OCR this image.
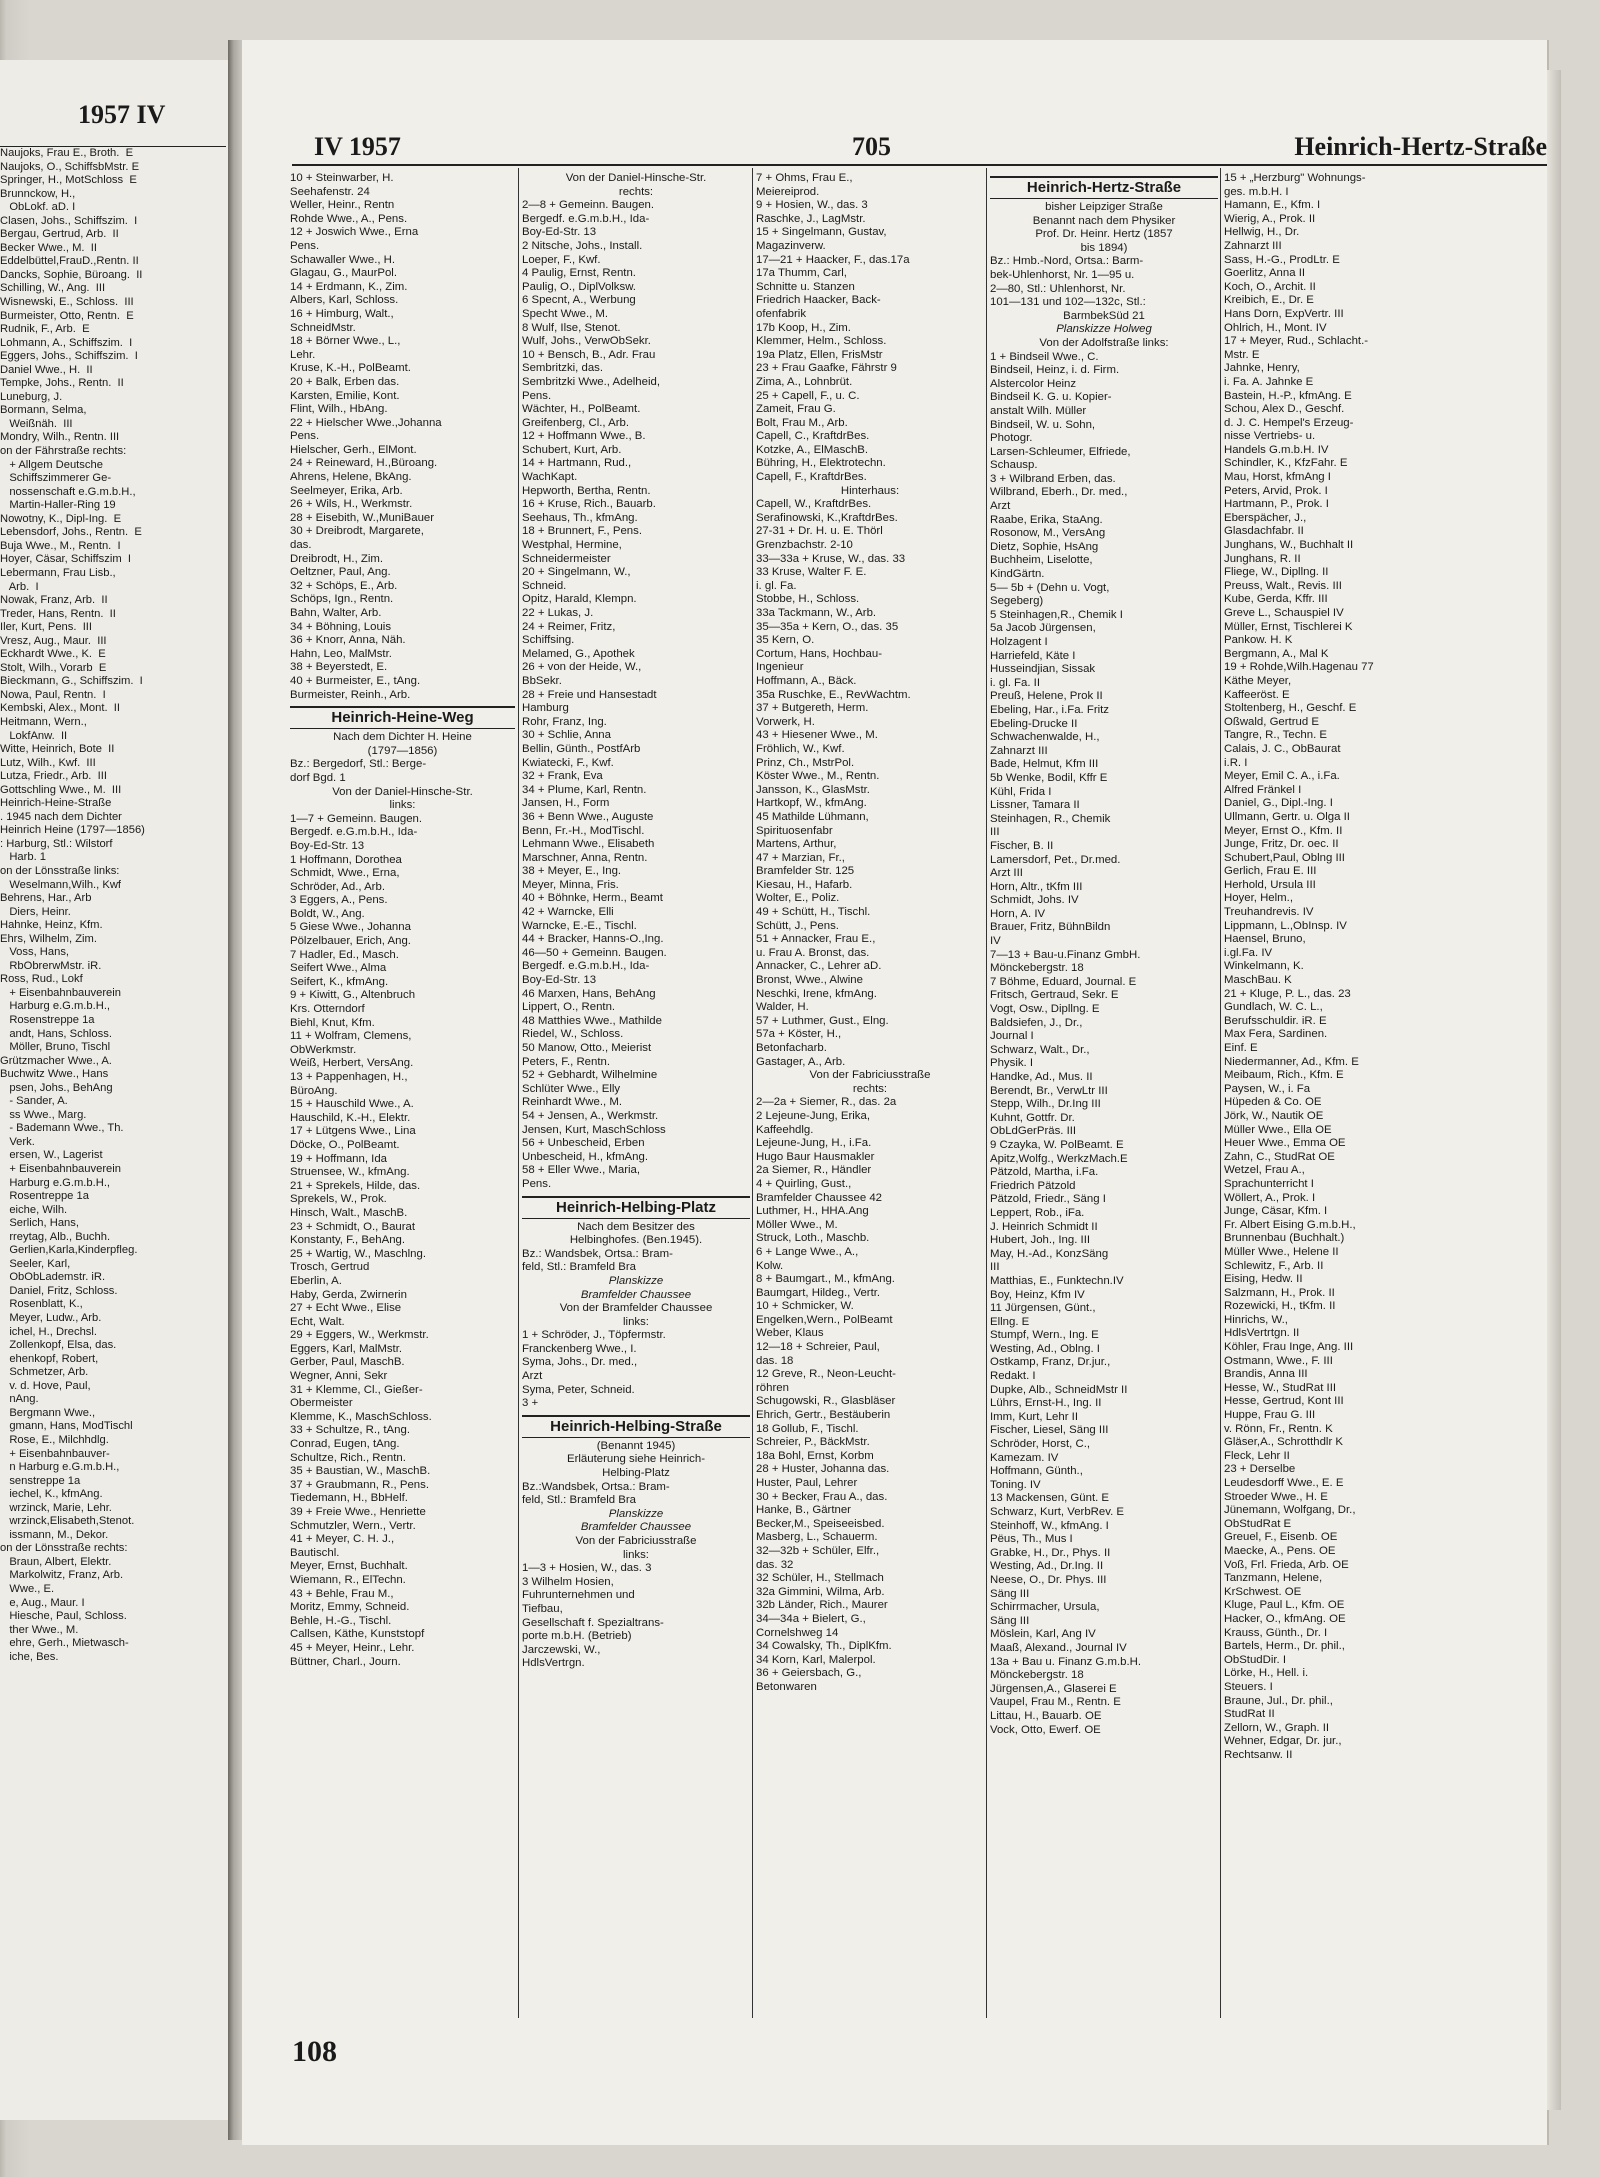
1957 IV
Naujoks, Frau E., Broth.  E
Naujoks, O., SchiffsbMstr. E
Springer, H., MotSchloss  E
Brunnckow, H.,
ObLokf. aD. I
Clasen, Johs., Schiffszim.  I
Bergau, Gertrud, Arb.  II
Becker Wwe., M.  II
Eddelbüttel,FrauD.,Rentn. II
Dancks, Sophie, Büroang.  II
Schilling, W., Ang.  III
Wisnewski, E., Schloss.  III
Burmeister, Otto, Rentn.  E
Rudnik, F., Arb.  E
Lohmann, A., Schiffszim.  I
Eggers, Johs., Schiffszim.  I
Daniel Wwe., H.  II
Tempke, Johs., Rentn.  II
Luneburg, J.
Bormann, Selma,
Weißnäh.  III
Mondry, Wilh., Rentn. III
on der Fährstraße rechts:
+ Allgem Deutsche
Schiffszimmerer Ge-
nossenschaft e.G.m.b.H.,
Martin-Haller-Ring 19
Nowotny, K., Dipl-Ing.  E
Lebensdorf, Johs., Rentn.  E
Buja Wwe., M., Rentn.  I
Hoyer, Cäsar, Schiffszim  I
Lebermann, Frau Lisb.,
Arb.  I
Nowak, Franz, Arb.  II
Treder, Hans, Rentn.  II
Iler, Kurt, Pens.  III
Vresz, Aug., Maur.  III
Eckhardt Wwe., K.  E
Stolt, Wilh., Vorarb  E
Bieckmann, G., Schiffszim.  I
Nowa, Paul, Rentn.  I
Kembski, Alex., Mont.  II
Heitmann, Wern.,
LokfAnw.  II
Witte, Heinrich, Bote  II
Lutz, Wilh., Kwf.  III
Lutza, Friedr., Arb.  III
Gottschling Wwe., M.  III
Heinrich-Heine-Straße
. 1945 nach dem Dichter
Heinrich Heine (1797—1856)
: Harburg, Stl.: Wilstorf
Harb. 1
on der Lönsstraße links:
Weselmann,Wilh., Kwf
Behrens, Har., Arb
Diers, Heinr.
Hahnke, Heinz, Kfm.
Ehrs, Wilhelm, Zim.
Voss, Hans,
RbObrerwMstr. iR.
Ross, Rud., Lokf
+ Eisenbahnbauverein
Harburg e.G.m.b.H.,
Rosenstreppe 1a
andt, Hans, Schloss.
Möller, Bruno, Tischl
Grützmacher Wwe., A.
Buchwitz Wwe., Hans
psen, Johs., BehAng
- Sander, A.
ss Wwe., Marg.
- Bademann Wwe., Th.
Verk.
ersen, W., Lagerist
+ Eisenbahnbauverein
Harburg e.G.m.b.H.,
Rosentreppe 1a
eiche, Wilh.
Serlich, Hans,
rreytag, Alb., Buchh.
Gerlien,Karla,Kinderpfleg.
Seeler, Karl,
ObObLademstr. iR.
Daniel, Fritz, Schloss.
Rosenblatt, K.,
Meyer, Ludw., Arb.
ichel, H., Drechsl.
Zollenkopf, Elsa, das.
ehenkopf, Robert,
Schmetzer, Arb.
v. d. Hove, Paul,
nAng.
Bergmann Wwe.,
gmann, Hans, ModTischl
Rose, E., Milchhdlg.
+ Eisenbahnbauver-
n Harburg e.G.m.b.H.,
senstreppe 1a
iechel, K., kfmAng.
wrzinck, Marie, Lehr.
wrzinck,Elisabeth,Stenot.
issmann, M., Dekor.
on der Lönsstraße rechts:
Braun, Albert, Elektr.
Markolwitz, Franz, Arb.
Wwe., E.
e, Aug., Maur. I
Hiesche, Paul, Schloss.
ther Wwe., M.
ehre, Gerh., Mietwasch-
iche, Bes.
IV 1957	705	Heinrich-Hertz-Straße
10 + Steinwarber, H.
Seehafenstr. 24
Weller, Heinr., Rentn
Rohde Wwe., A., Pens.
12 + Joswich Wwe., Erna
Pens.
Schawaller Wwe., H.
Glagau, G., MaurPol.
14 + Erdmann, K., Zim.
Albers, Karl, Schloss.
16 + Himburg, Walt.,
SchneidMstr.
18 + Börner Wwe., L.,
Lehr.
Kruse, K.-H., PolBeamt.
20 + Balk, Erben das.
Karsten, Emilie, Kont.
Flint, Wilh., HbAng.
22 + Hielscher Wwe.,Johanna
Pens.
Hielscher, Gerh., ElMont.
24 + Reineward, H.,Büroang.
Ahrens, Helene, BkAng.
Seelmeyer, Erika, Arb.
26 + Wils, H., Werkmstr.
28 + Eisebith, W.,MuniBauer
30 + Dreibrodt, Margarete,
das.
Dreibrodt, H., Zim.
Oeltzner, Paul, Ang.
32 + Schöps, E., Arb.
Schöps, Ign., Rentn.
Bahn, Walter, Arb.
34 + Böhning, Louis
36 + Knorr, Anna, Näh.
Hahn, Leo, MalMstr.
38 + Beyerstedt, E.
40 + Burmeister, E., tAng.
Burmeister, Reinh., Arb.
Heinrich-Heine-Weg
Nach dem Dichter H. Heine
(1797—1856)
Bz.: Bergedorf, Stl.: Berge-
dorf Bgd. 1
Von der Daniel-Hinsche-Str.
links:
1—7 + Gemeinn. Baugen.
Bergedf. e.G.m.b.H., Ida-
Boy-Ed-Str. 13
1 Hoffmann, Dorothea
Schmidt, Wwe., Erna,
Schröder, Ad., Arb.
3 Eggers, A., Pens.
Boldt, W., Ang.
5 Giese Wwe., Johanna
Pölzelbauer, Erich, Ang.
7 Hadler, Ed., Masch.
Seifert Wwe., Alma
Seifert, K., kfmAng.
9 + Kiwitt, G., Altenbruch
Krs. Otterndorf
Biehl, Knut, Kfm.
11 + Wolfram, Clemens,
ObWerkmstr.
Weiß, Herbert, VersAng.
13 + Pappenhagen, H.,
BüroAng.
15 + Hauschild Wwe., A.
Hauschild, K.-H., Elektr.
17 + Lütgens Wwe., Lina
Döcke, O., PolBeamt.
19 + Hoffmann, Ida
Struensee, W., kfmAng.
21 + Sprekels, Hilde, das.
Sprekels, W., Prok.
Hinsch, Walt., MaschB.
23 + Schmidt, O., Baurat
Konstanty, F., BehAng.
25 + Wartig, W., Maschlng.
Trosch, Gertrud
Eberlin, A.
Haby, Gerda, Zwirnerin
27 + Echt Wwe., Elise
Echt, Walt.
29 + Eggers, W., Werkmstr.
Eggers, Karl, MalMstr.
Gerber, Paul, MaschB.
Wegner, Anni, Sekr
31 + Klemme, Cl., Gießer-
Obermeister
Klemme, K., MaschSchloss.
33 + Schultze, R., tAng.
Conrad, Eugen, tAng.
Schultze, Rich., Rentn.
35 + Baustian, W., MaschB.
37 + Graubmann, R., Pens.
Tiedemann, H., BbHelf.
39 + Freie Wwe., Henriette
Schmutzler, Wern., Vertr.
41 + Meyer, C. H. J.,
Bautischl.
Meyer, Ernst, Buchhalt.
Wiemann, R., ElTechn.
43 + Behle, Frau M.,
Moritz, Emmy, Schneid.
Behle, H.-G., Tischl.
Callsen, Käthe, Kunststopf
45 + Meyer, Heinr., Lehr.
Büttner, Charl., Journ.
Von der Daniel-Hinsche-Str.
rechts:
2—8 + Gemeinn. Baugen.
Bergedf. e.G.m.b.H., Ida-
Boy-Ed-Str. 13
2 Nitsche, Johs., Install.
Loeper, F., Kwf.
4 Paulig, Ernst, Rentn.
Paulig, O., DiplVolksw.
6 Specnt, A., Werbung
Specht Wwe., M.
8 Wulf, Ilse, Stenot.
Wulf, Johs., VerwObSekr.
10 + Bensch, B., Adr. Frau
Sembritzki, das.
Sembritzki Wwe., Adelheid,
Pens.
Wächter, H., PolBeamt.
Greifenberg, Cl., Arb.
12 + Hoffmann Wwe., B.
Schubert, Kurt, Arb.
14 + Hartmann, Rud.,
WachKapt.
Hepworth, Bertha, Rentn.
16 + Kruse, Rich., Bauarb.
Seehaus, Th., kfmAng.
18 + Brunnert, F., Pens.
Westphal, Hermine,
Schneidermeister
20 + Singelmann, W.,
Schneid.
Opitz, Harald, Klempn.
22 + Lukas, J.
24 + Reimer, Fritz,
Schiffsing.
Melamed, G., Apothek
26 + von der Heide, W.,
BbSekr.
28 + Freie und Hansestadt
Hamburg
Rohr, Franz, Ing.
30 + Schlie, Anna
Bellin, Günth., PostfArb
Kwiatecki, F., Kwf.
32 + Frank, Eva
34 + Plume, Karl, Rentn.
Jansen, H., Form
36 + Benn Wwe., Auguste
Benn, Fr.-H., ModTischl.
Lehmann Wwe., Elisabeth
Marschner, Anna, Rentn.
38 + Meyer, E., Ing.
Meyer, Minna, Fris.
40 + Böhnke, Herm., Beamt
42 + Warncke, Elli
Warncke, E.-E., Tischl.
44 + Bracker, Hanns-O.,Ing.
46—50 + Gemeinn. Baugen.
Bergedf. e.G.m.b.H., Ida-
Boy-Ed-Str. 13
46 Marxen, Hans, BehAng
Lippert, O., Rentn.
48 Matthies Wwe., Mathilde
Riedel, W., Schloss.
50 Manow, Otto., Meierist
Peters, F., Rentn.
52 + Gebhardt, Wilhelmine
Schlüter Wwe., Elly
Reinhardt Wwe., M.
54 + Jensen, A., Werkmstr.
Jensen, Kurt, MaschSchloss
56 + Unbescheid, Erben
Unbescheid, H., kfmAng.
58 + Eller Wwe., Maria,
Pens.
Heinrich-Helbing-Platz
Nach dem Besitzer des
Helbinghofes. (Ben.1945).
Bz.: Wandsbek, Ortsa.: Bram-
feld, Stl.: Bramfeld Bra
Planskizze
Bramfelder Chaussee
Von der Bramfelder Chaussee
links:
1 + Schröder, J., Töpfermstr.
Franckenberg Wwe., I.
Syma, Johs., Dr. med.,
Arzt
Syma, Peter, Schneid.
3 +
Heinrich-Helbing-Straße
(Benannt 1945)
Erläuterung siehe Heinrich-
Helbing-Platz
Bz.:Wandsbek, Ortsa.: Bram-
feld, Stl.: Bramfeld Bra
Planskizze
Bramfelder Chaussee
Von der Fabriciusstraße
links:
1—3 + Hosien, W., das. 3
3 Wilhelm Hosien,
Fuhrunternehmen und
Tiefbau,
Gesellschaft f. Spezialtrans-
porte m.b.H. (Betrieb)
Jarczewski, W.,
HdlsVertrgn.
7 + Ohms, Frau E.,
Meiereiprod.
9 + Hosien, W., das. 3
Raschke, J., LagMstr.
15 + Singelmann, Gustav,
Magazinverw.
17—21 + Haacker, F., das.17a
17a Thumm, Carl,
Schnitte u. Stanzen
Friedrich Haacker, Back-
ofenfabrik
17b Koop, H., Zim.
Klemmer, Helm., Schloss.
19a Platz, Ellen, FrisMstr
23 + Frau Gaafke, Fährstr 9
Zima, A., Lohnbrüt.
25 + Capell, F., u. C.
Zameit, Frau G.
Bolt, Frau M., Arb.
Capell, C., KraftdrBes.
Kotzke, A., ElMaschB.
Bühring, H., Elektrotechn.
Capell, F., KraftdrBes.
Hinterhaus:
Capell, W., KraftdrBes.
Serafinowski, K.,KraftdrBes.
27-31 + Dr. H. u. E. Thörl
Grenzbachstr. 2-10
33—33a + Kruse, W., das. 33
33 Kruse, Walter F. E.
i. gl. Fa.
Stobbe, H., Schloss.
33a Tackmann, W., Arb.
35—35a + Kern, O., das. 35
35 Kern, O.
Cortum, Hans, Hochbau-
Ingenieur
Hoffmann, A., Bäck.
35a Ruschke, E., RevWachtm.
37 + Butgereth, Herm.
Vorwerk, H.
43 + Hiesener Wwe., M.
Fröhlich, W., Kwf.
Prinz, Ch., MstrPol.
Köster Wwe., M., Rentn.
Jansson, K., GlasMstr.
Hartkopf, W., kfmAng.
45 Mathilde Lühmann,
Spirituosenfabr
Martens, Arthur,
47 + Marzian, Fr.,
Bramfelder Str. 125
Kiesau, H., Hafarb.
Wolter, E., Poliz.
49 + Schütt, H., Tischl.
Schütt, J., Pens.
51 + Annacker, Frau E.,
u. Frau A. Bronst, das.
Annacker, C., Lehrer aD.
Bronst, Wwe., Alwine
Neschki, Irene, kfmAng.
Walder, H.
57 + Luthmer, Gust., Elng.
57a + Köster, H.,
Betonfacharb.
Gastager, A., Arb.
Von der Fabriciusstraße
rechts:
2—2a + Siemer, R., das. 2a
2 Lejeune-Jung, Erika,
Kaffeehdlg.
Lejeune-Jung, H., i.Fa.
Hugo Baur Hausmakler
2a Siemer, R., Händler
4 + Quirling, Gust.,
Bramfelder Chaussee 42
Luthmer, H., HHA.Ang
Möller Wwe., M.
Struck, Loth., Maschb.
6 + Lange Wwe., A.,
Kolw.
8 + Baumgart., M., kfmAng.
Baumgart, Hildeg., Vertr.
10 + Schmicker, W.
Engelken,Wern., PolBeamt
Weber, Klaus
12—18 + Schreier, Paul,
das. 18
12 Greve, R., Neon-Leucht-
röhren
Schugowski, R., Glasbläser
Ehrich, Gertr., Bestäuberin
18 Gollub, F., Tischl.
Schreier, P., BäckMstr.
18a Bohl, Ernst, Korbm
28 + Huster, Johanna das.
Huster, Paul, Lehrer
30 + Becker, Frau A., das.
Hanke, B., Gärtner
Becker,M., Speiseeisbed.
Masberg, L., Schauerm.
32—32b + Schüler, Elfr.,
das. 32
32 Schüler, H., Stellmach
32a Gimmini, Wilma, Arb.
32b Länder, Rich., Maurer
34—34a + Bielert, G.,
Cornelshweg 14
34 Cowalsky, Th., DiplKfm.
34 Korn, Karl, Malerpol.
36 + Geiersbach, G.,
Betonwaren
Heinrich-Hertz-Straße
bisher Leipziger Straße
Benannt nach dem Physiker
Prof. Dr. Heinr. Hertz (1857
bis 1894)
Bz.: Hmb.-Nord, Ortsa.: Barm-
bek-Uhlenhorst, Nr. 1—95 u.
2—80, Stl.: Uhlenhorst, Nr.
101—131 und 102—132c, Stl.:
BarmbekSüd 21
Planskizze Holweg
Von der Adolfstraße links:
1 + Bindseil Wwe., C.
Bindseil, Heinz, i. d. Firm.
Alstercolor Heinz
Bindseil K. G. u. Kopier-
anstalt Wilh. Müller
Bindseil, W. u. Sohn,
Photogr.
Larsen-Schleumer, Elfriede,
Schausp.
3 + Wilbrand Erben, das.
Wilbrand, Eberh., Dr. med.,
Arzt
Raabe, Erika, StaAng.
Rosonow, M., VersAng
Dietz, Sophie, HsAng
Buchheim, Liselotte,
KindGärtn.
5— 5b + (Dehn u. Vogt,
Segeberg)
5 Steinhagen,R., Chemik I
5a Jacob Jürgensen,
Holzagent I
Harriefeld, Käte I
Husseindjian, Sissak
i. gl. Fa. II
Preuß, Helene, Prok II
Ebeling, Har., i.Fa. Fritz
Ebeling-Drucke II
Schwachenwalde, H.,
Zahnarzt III
Bade, Helmut, Kfm III
5b Wenke, Bodil, Kffr E
Kühl, Frida I
Lissner, Tamara II
Steinhagen, R., Chemik
III
Fischer, B. II
Lamersdorf, Pet., Dr.med.
Arzt III
Horn, Altr., tKfm III
Schmidt, Johs. IV
Horn, A. IV
Brauer, Fritz, BühnBildn
IV
7—13 + Bau-u.Finanz GmbH.
Mönckebergstr. 18
7 Böhme, Eduard, Journal. E
Fritsch, Gertraud, Sekr. E
Vogt, Osw., Dipllng. E
Baldsiefen, J., Dr.,
Journal I
Schwarz, Walt., Dr.,
Physik. I
Handke, Ad., Mus. II
Berendt, Br., VerwLtr III
Stepp, Wilh., Dr.Ing III
Kuhnt, Gottfr. Dr.
ObLdGerPräs. III
9 Czayka, W. PolBeamt. E
Apitz,Wolfg., WerkzMach.E
Pätzold, Martha, i.Fa.
Friedrich Pätzold
Pätzold, Friedr., Säng I
Leppert, Rob., iFa.
J. Heinrich Schmidt II
Hubert, Joh., Ing. III
May, H.-Ad., KonzSäng
III
Matthias, E., Funktechn.IV
Boy, Heinz, Kfm IV
11 Jürgensen, Günt.,
Ellng. E
Stumpf, Wern., Ing. E
Westing, Ad., Oblng. I
Ostkamp, Franz, Dr.jur.,
Redakt. I
Dupke, Alb., SchneidMstr II
Lührs, Ernst-H., Ing. II
Imm, Kurt, Lehr II
Fischer, Liesel, Säng III
Schröder, Horst, C.,
Kamezam. IV
Hoffmann, Günth.,
Toning. IV
13 Mackensen, Günt. E
Schwarz, Kurt, VerbRev. E
Steinhoff, W., kfmAng. I
Pëus, Th., Mus I
Grabke, H., Dr., Phys. II
Westing, Ad., Dr.Ing. II
Neese, O., Dr. Phys. III
Säng III
Schirrmacher, Ursula,
Säng III
Möslein, Karl, Ang IV
Maaß, Alexand., Journal IV
13a + Bau u. Finanz G.m.b.H.
Mönckebergstr. 18
Jürgensen,A., Glaserei E
Vaupel, Frau M., Rentn. E
Littau, H., Bauarb. OE
Vock, Otto, Ewerf. OE
15 + „Herzburg" Wohnungs-
ges. m.b.H. I
Hamann, E., Kfm. I
Wierig, A., Prok. II
Hellwig, H., Dr.
Zahnarzt III
Sass, H.-G., ProdLtr. E
Goerlitz, Anna II
Koch, O., Archit. II
Kreibich, E., Dr. E
Hans Dorn, ExpVertr. III
Ohlrich, H., Mont. IV
17 + Meyer, Rud., Schlacht.-
Mstr. E
Jahnke, Henry,
i. Fa. A. Jahnke E
Bastein, H.-P., kfmAng. E
Schou, Alex D., Geschf.
d. J. C. Hempel's Erzeug-
nisse Vertriebs- u.
Handels G.m.b.H. IV
Schindler, K., KfzFahr. E
Mau, Horst, kfmAng I
Peters, Arvid, Prok. I
Hartmann, P., Prok. I
Eberspächer, J.,
Glasdachfabr. II
Junghans, W., Buchhalt II
Junghans, R. II
Fliege, W., Dipllng. II
Preuss, Walt., Revis. III
Kube, Gerda, Kffr. III
Greve L., Schauspiel IV
Müller, Ernst, Tischlerei K
Pankow. H. K
Bergmann, A., Mal K
19 + Rohde,Wilh.Hagenau 77
Käthe Meyer,
Kaffeeröst. E
Stoltenberg, H., Geschf. E
Oßwald, Gertrud E
Tangre, R., Techn. E
Calais, J. C., ObBaurat
i.R. I
Meyer, Emil C. A., i.Fa.
Alfred Fränkel I
Daniel, G., Dipl.-Ing. I
Ullmann, Gertr. u. Olga II
Meyer, Ernst O., Kfm. II
Junge, Fritz, Dr. oec. II
Schubert,Paul, Oblng III
Gerlich, Frau E. III
Herhold, Ursula III
Hoyer, Helm.,
Treuhandrevis. IV
Lippmann, L.,ObInsp. IV
Haensel, Bruno,
i.gl.Fa. IV
Winkelmann, K.
MaschBau. K
21 + Kluge, P. L., das. 23
Gundlach, W. C. L.,
Berufsschuldir. iR. E
Max Fera, Sardinen.
Einf. E
Niedermanner, Ad., Kfm. E
Meibaum, Rich., Kfm. E
Paysen, W., i. Fa
Hüpeden & Co. OE
Jörk, W., Nautik OE
Müller Wwe., Ella OE
Heuer Wwe., Emma OE
Zahn, C., StudRat OE
Wetzel, Frau A.,
Sprachunterricht I
Wöllert, A., Prok. I
Junge, Cäsar, Kfm. I
Fr. Albert Eising G.m.b.H.,
Brunnenbau (Buchhalt.)
Müller Wwe., Helene II
Schlewitz, F., Arb. II
Eising, Hedw. II
Salzmann, H., Prok. II
Rozewicki, H., tKfm. II
Hinrichs, W.,
HdlsVertrtgn. II
Köhler, Frau Inge, Ang. III
Ostmann, Wwe., F. III
Brandis, Anna III
Hesse, W., StudRat III
Hesse, Gertrud, Kont III
Huppe, Frau G. III
v. Rönn, Fr., Rentn. K
Gläser,A., Schrotthdlr K
Fleck, Lehr II
23 + Derselbe
Leudesdorff Wwe., E. E
Stroeder Wwe., H. E
Jünemann, Wolfgang, Dr.,
ObStudRat E
Greuel, F., Eisenb. OE
Maecke, A., Pens. OE
Voß, Frl. Frieda, Arb. OE
Tanzmann, Helene,
KrSchwest. OE
Kluge, Paul L., Kfm. OE
Hacker, O., kfmAng. OE
Krauss, Günth., Dr. I
Bartels, Herm., Dr. phil.,
ObStudDir. I
Lörke, H., Hell. i.
Steuers. I
Braune, Jul., Dr. phil.,
StudRat II
Zellorn, W., Graph. II
Wehner, Edgar, Dr. jur.,
Rechtsanw. II
108
